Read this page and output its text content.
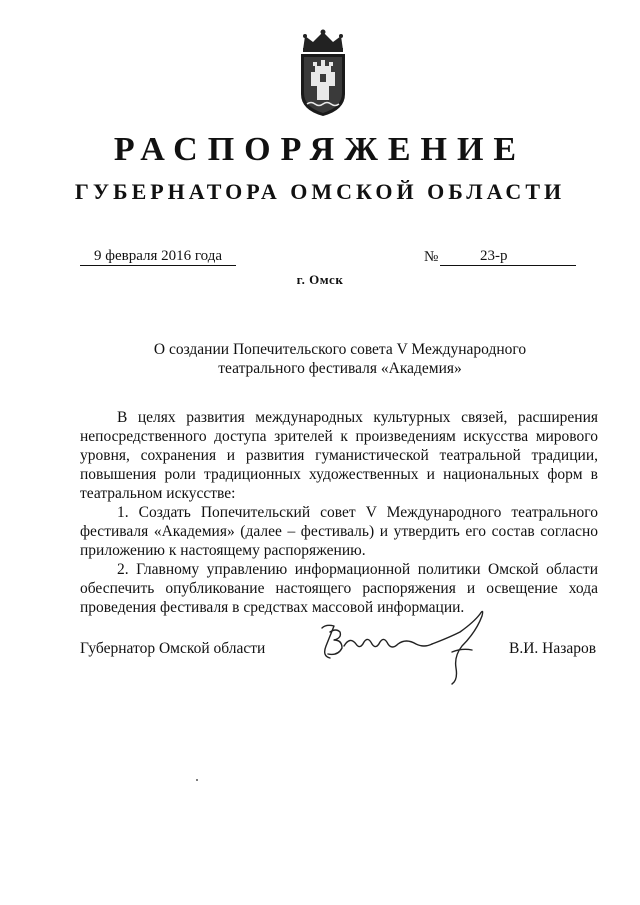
РАСПОРЯЖЕНИЕ
ГУБЕРНАТОРА ОМСКОЙ ОБЛАСТИ
9 февраля 2016 года	№	23-р
г. Омск
О создании Попечительского совета V Международного
театрального фестиваля «Академия»

В целях развития международных культурных связей, расширения непосредственного доступа зрителей к произведениям искусства мирового уровня, сохранения и развития гуманистической театральной традиции, повышения роли традиционных художественных и национальных форм в театральном искусстве:

1. Создать Попечительский совет V Международного театрального фестиваля «Академия» (далее – фестиваль) и утвердить его состав согласно приложению к настоящему распоряжению.

2. Главному управлению информационной политики Омской области обеспечить опубликование настоящего распоряжения и освещение хода проведения фестиваля в средствах массовой информации.

Губернатор Омской области	В.И. Назаров
